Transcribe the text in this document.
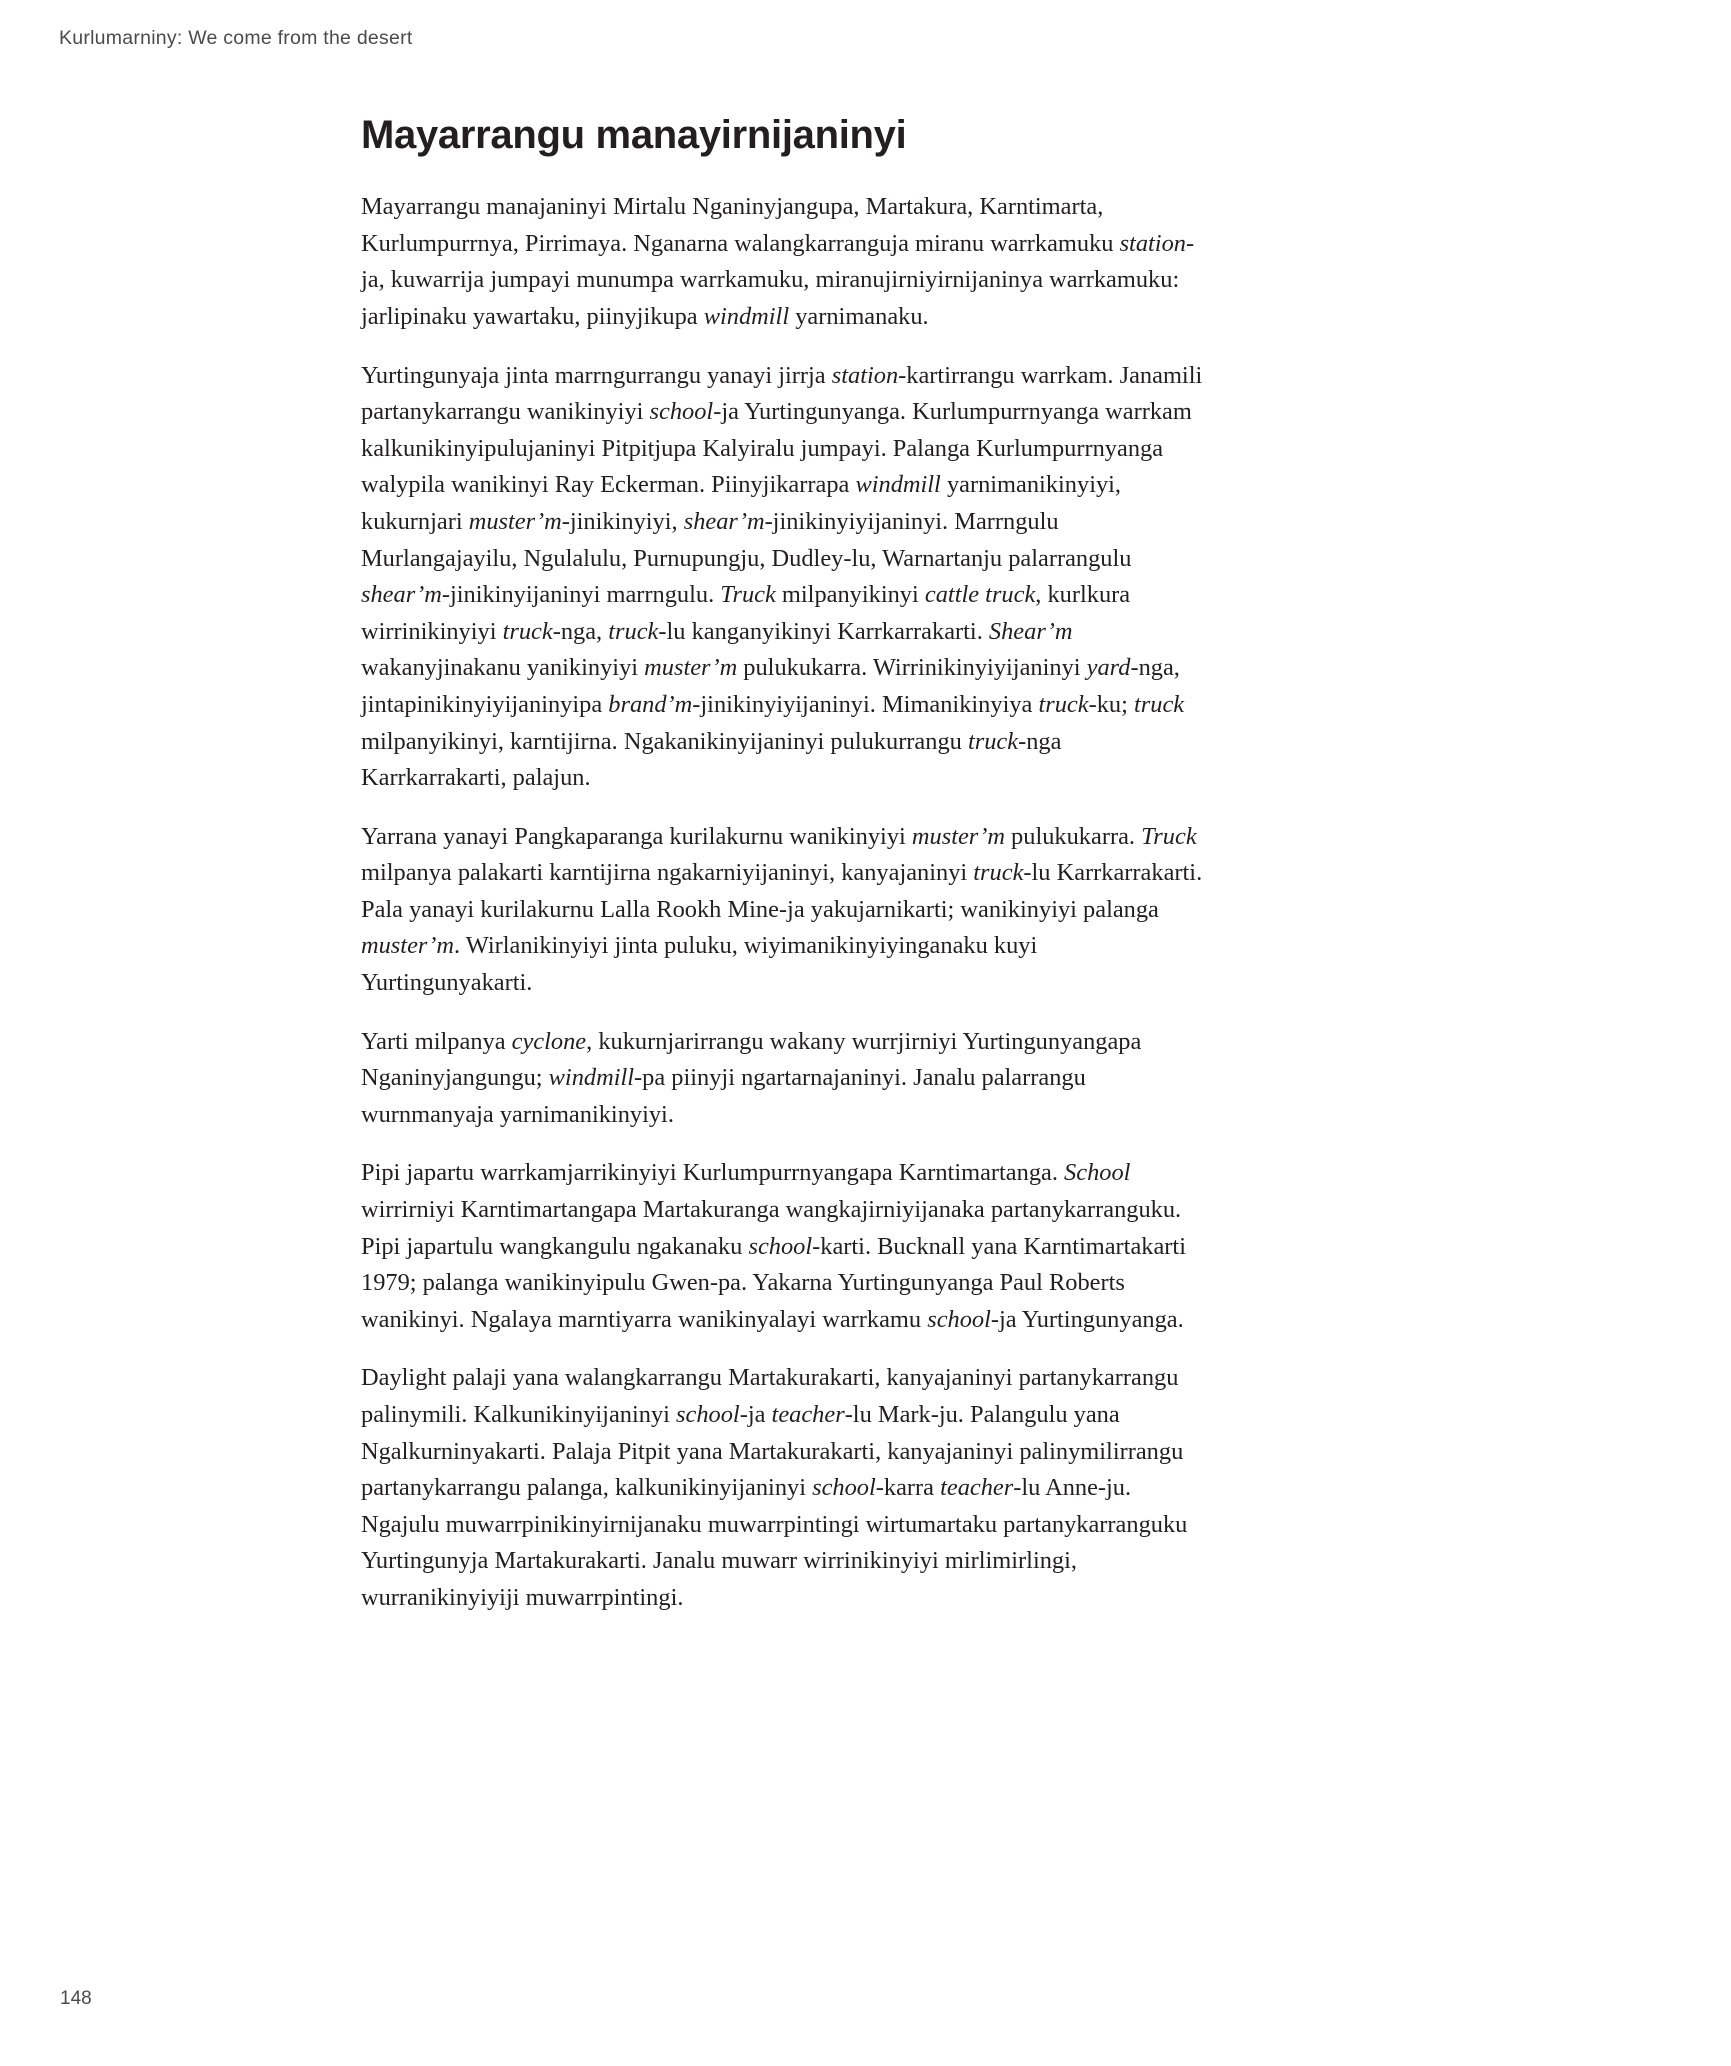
Kurlumarniny: We come from the desert
Mayarrangu manayirnijaninyi

Mayarrangu manajaninyi Mirtalu Nganinyjangupa, Martakura, Karntimarta, Kurlumpurrnya, Pirrimaya. Nganarna walangkarranguja miranu warrkamuku station-ja, kuwarrija jumpayi munumpa warrkamuku, miranujirniyirnijaninya warrkamuku: jarlipinaku yawartaku, piinyjikupa windmill yarnimanaku.

Yurtingunyaja jinta marrngurrangu yanayi jirrja station-kartirrangu warrkam. Janamili partanykarrangu wanikinyiyi school-ja Yurtingunyanga. Kurlumpurrnyanga warrkam kalkunikinyipulujaninyi Pitpitjupa Kalyiralu jumpayi. Palanga Kurlumpurrnyanga walypila wanikinyi Ray Eckerman. Piinyjikarrapa windmill yarnimanikinyiyi, kukurnjari muster’m-jinikinyiyi, shear’m-jinikinyiyijaninyi. Marrngulu Murlangajayilu, Ngulalulu, Purnupungju, Dudley-lu, Warnartanju palarrangulu shear’m-jinikinyijaninyi marrngulu. Truck milpanyikinyi cattle truck, kurlkura wirrinikinyiyi truck-nga, truck-lu kanganyikinyi Karrkarrakarti. Shear’m wakanyjinakanu yanikinyiyi muster’m pulukukarra. Wirrinikinyiyijaninyi yard-nga, jintapinikinyiyijaninyipa brand’m-jinikinyiyijaninyi. Mimanikinyiya truck-ku; truck milpanyikinyi, karntijirna. Ngakanikinyijaninyi pulukurrangu truck-nga Karrkarrakarti, palajun.

Yarrana yanayi Pangkaparanga kurilakurnu wanikinyiyi muster’m pulukukarra. Truck milpanya palakarti karntijirna ngakarniyijaninyi, kanyajaninyi truck-lu Karrkarrakarti. Pala yanayi kurilakurnu Lalla Rookh Mine-ja yakujarnikarti; wanikinyiyi palanga muster’m. Wirlanikinyiyi jinta puluku, wiyimanikinyiyinganaku kuyi Yurtingunyakarti.

Yarti milpanya cyclone, kukurnjarirrangu wakany wurrjirniyi Yurtingunyangapa Nganinyjangungu; windmill-pa piinyji ngartarnajaninyi. Janalu palarrangu wurnmanyaja yarnimanikinyiyi.

Pipi japartu warrkamjarrikinyiyi Kurlumpurrnyangapa Karntimartanga. School wirrirniyi Karntimartangapa Martakuranga wangkajirniyijanaka partanykarranguku. Pipi japartulu wangkangulu ngakanaku school-karti. Bucknall yana Karntimartakarti 1979; palanga wanikinyipulu Gwen-pa. Yakarna Yurtingunyanga Paul Roberts wanikinyi. Ngalaya marntiyarra wanikinyalayi warrkamu school-ja Yurtingunyanga.

Daylight palaji yana walangkarrangu Martakurakarti, kanyajaninyi partanykarrangu palinymili. Kalkunikinyijaninyi school-ja teacher-lu Mark-ju. Palangulu yana Ngalkurninyakarti. Palaja Pitpit yana Martakurakarti, kanyajaninyi palinymilirrangu partanykarrangu palanga, kalkunikinyijaninyi school-karra teacher-lu Anne-ju. Ngajulu muwarrpinikinyirnijanaku muwarrpintingi wirtumartaku partanykarranguku Yurtingunyja Martakurakarti. Janalu muwarr wirrinikinyiyi mirlimirlingi, wurranikinyiyiji muwarrpintingi.

148
